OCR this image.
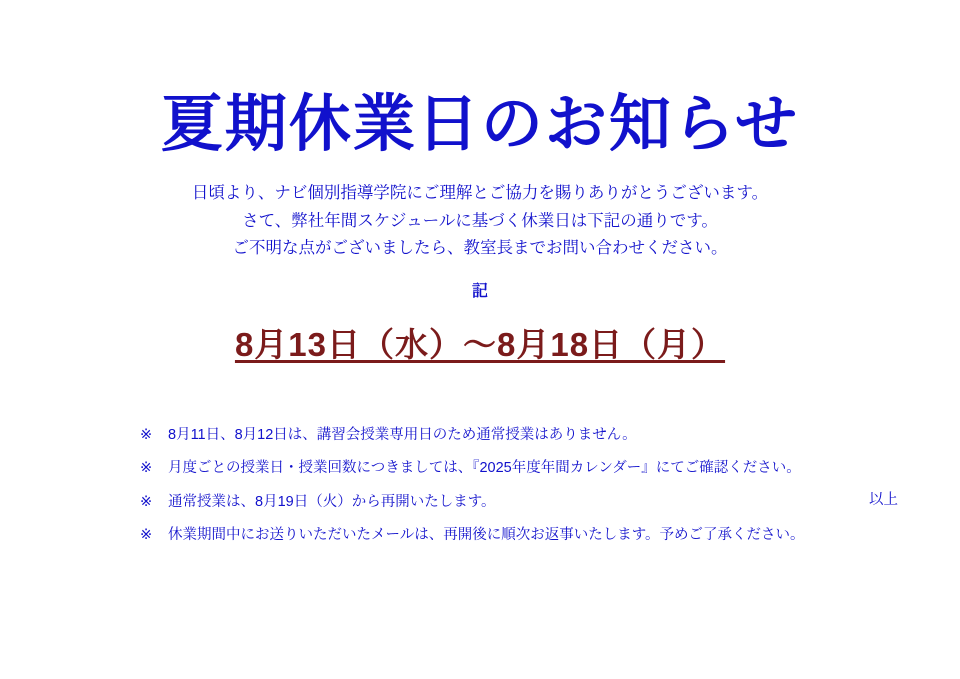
夏期休業日のお知らせ

日頃より、ナビ個別指導学院にご理解とご協力を賜りありがとうございます。

さて、弊社年間スケジュールに基づく休業日は下記の通りです。

ご不明な点がございましたら、教室長までお問い合わせください。

記
8月13日（水）〜8月18日（月）
※ 8月11日、8月12日は、講習会授業専用日のため通常授業はありません。
※ 月度ごとの授業日・授業回数につきましては、『2025年度年間カレンダー』にてご確認ください。
※ 通常授業は、8月19日（火）から再開いたします。
※ 休業期間中にお送りいただいたメールは、再開後に順次お返事いたします。予めご了承ください。
以上
